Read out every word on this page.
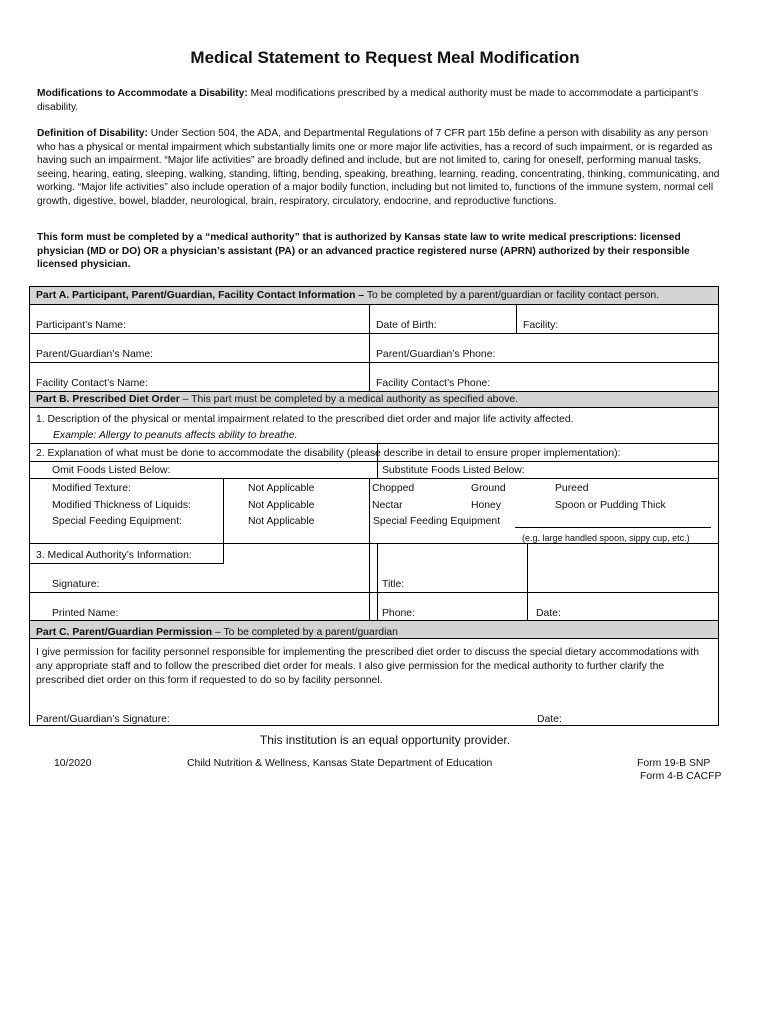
Medical Statement to Request Meal Modification
Modifications to Accommodate a Disability: Meal modifications prescribed by a medical authority must be made to accommodate a participant's disability.
Definition of Disability: Under Section 504, the ADA, and Departmental Regulations of 7 CFR part 15b define a person with disability as any person who has a physical or mental impairment which substantially limits one or more major life activities, has a record of such impairment, or is regarded as having such an impairment. “Major life activities” are broadly defined and include, but are not limited to, caring for oneself, performing manual tasks, seeing, hearing, eating, sleeping, walking, standing, lifting, bending, speaking, breathing, learning, reading, concentrating, thinking, communicating, and working. “Major life activities” also include operation of a major bodily function, including but not limited to, functions of the immune system, normal cell growth, digestive, bowel, bladder, neurological, brain, respiratory, circulatory, endocrine, and reproductive functions.
This form must be completed by a “medical authority” that is authorized by Kansas state law to write medical prescriptions: licensed physician (MD or DO) OR a physician’s assistant (PA) or an advanced practice registered nurse (APRN) authorized by their responsible licensed physician.
Part A. Participant, Parent/Guardian, Facility Contact Information – To be completed by a parent/guardian or facility contact person.
Participant’s Name:	Date of Birth:	Facility:
Parent/Guardian’s Name:	Parent/Guardian’s Phone:
Facility Contact’s Name:	Facility Contact’s Phone:
Part B. Prescribed Diet Order – This part must be completed by a medical authority as specified above.
1. Description of the physical or mental impairment related to the prescribed diet order and major life activity affected.
Example: Allergy to peanuts affects ability to breathe.
2. Explanation of what must be done to accommodate the disability (please describe in detail to ensure proper implementation):
Omit Foods Listed Below:	Substitute Foods Listed Below:
Modified Texture:	Not Applicable	Chopped	Ground	Pureed
Modified Thickness of Liquids:	Not Applicable	Nectar	Honey	Spoon or Pudding Thick
Special Feeding Equipment:	Not Applicable	Special Feeding Equipment
(e.g. large handled spoon, sippy cup, etc.)
3. Medical Authority’s Information:
Signature:	Title:
Printed Name:	Phone:	Date:
Part C. Parent/Guardian Permission – To be completed by a parent/guardian
I give permission for facility personnel responsible for implementing the prescribed diet order to discuss the special dietary accommodations with any appropriate staff and to follow the prescribed diet order for meals. I also give permission for the medical authority to further clarify the prescribed diet order on this form if requested to do so by facility personnel.
Parent/Guardian’s Signature:	Date:
This institution is an equal opportunity provider.
10/2020	Child Nutrition & Wellness, Kansas State Department of Education	Form 19-B SNP
Form 4-B CACFP
